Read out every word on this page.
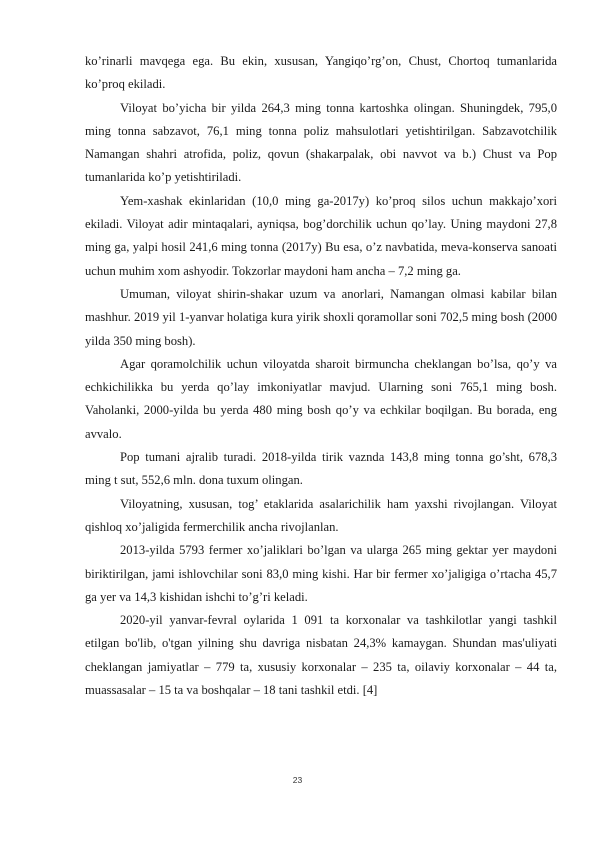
ko’rinarli mavqega ega. Bu ekin, xususan, Yangiqo’rg’on, Chust, Chortoq tumanlarida ko’proq ekiladi.

Viloyat bo’yicha bir yilda 264,3 ming tonna kartoshka olingan. Shuningdek, 795,0 ming tonna sabzavot, 76,1 ming tonna poliz mahsulotlari yetishtirilgan. Sabzavotchilik Namangan shahri atrofida, poliz, qovun (shakarpalak, obi navvot va b.) Chust va Pop tumanlarida ko’p yetishtiriladi.

Yem-xashak ekinlaridan (10,0 ming ga-2017y) ko’proq silos uchun makkajo’xori ekiladi. Viloyat adir mintaqalari, ayniqsa, bog’dorchilik uchun qo’lay. Uning maydoni 27,8 ming ga, yalpi hosil 241,6 ming tonna (2017y) Bu esa, o’z navbatida, meva-konserva sanoati uchun muhim xom ashyodir. Tokzorlar maydoni ham ancha – 7,2 ming ga.

Umuman, viloyat shirin-shakar uzum va anorlari, Namangan olmasi kabilar bilan mashhur. 2019 yil 1-yanvar holatiga kura yirik shoxli qoramollar soni 702,5 ming bosh (2000 yilda 350 ming bosh).

Agar qoramolchilik uchun viloyatda sharoit birmuncha cheklangan bo’lsa, qo’y va echkichilikka bu yerda qo’lay imkoniyatlar mavjud. Ularning soni 765,1 ming bosh. Vaholanki, 2000-yilda bu yerda 480 ming bosh qo’y va echkilar boqilgan. Bu borada, eng avvalo.

Pop tumani ajralib turadi. 2018-yilda tirik vaznda 143,8 ming tonna go’sht, 678,3 ming t sut, 552,6 mln. dona tuxum olingan.

Viloyatning, xususan, tog’ etaklarida asalarichilik ham yaxshi rivojlangan. Viloyat qishloq xo’jaligida fermerchilik ancha rivojlanlan.

2013-yilda 5793 fermer xo’jaliklari bo’lgan va ularga 265 ming gektar yer maydoni biriktirilgan, jami ishlovchilar soni 83,0 ming kishi. Har bir fermer xo’jaligiga o’rtacha 45,7 ga yer va 14,3 kishidan ishchi to’g’ri keladi.

2020-yil yanvar-fevral oylarida 1 091 ta korxonalar va tashkilotlar yangi tashkil etilgan bo'lib, o'tgan yilning shu davriga nisbatan 24,3% kamaygan. Shundan mas'uliyati cheklangan jamiyatlar – 779 ta, xususiy korxonalar – 235 ta, oilaviy korxonalar – 44 ta, muassasalar – 15 ta va boshqalar – 18 tani tashkil etdi. [4]

23
